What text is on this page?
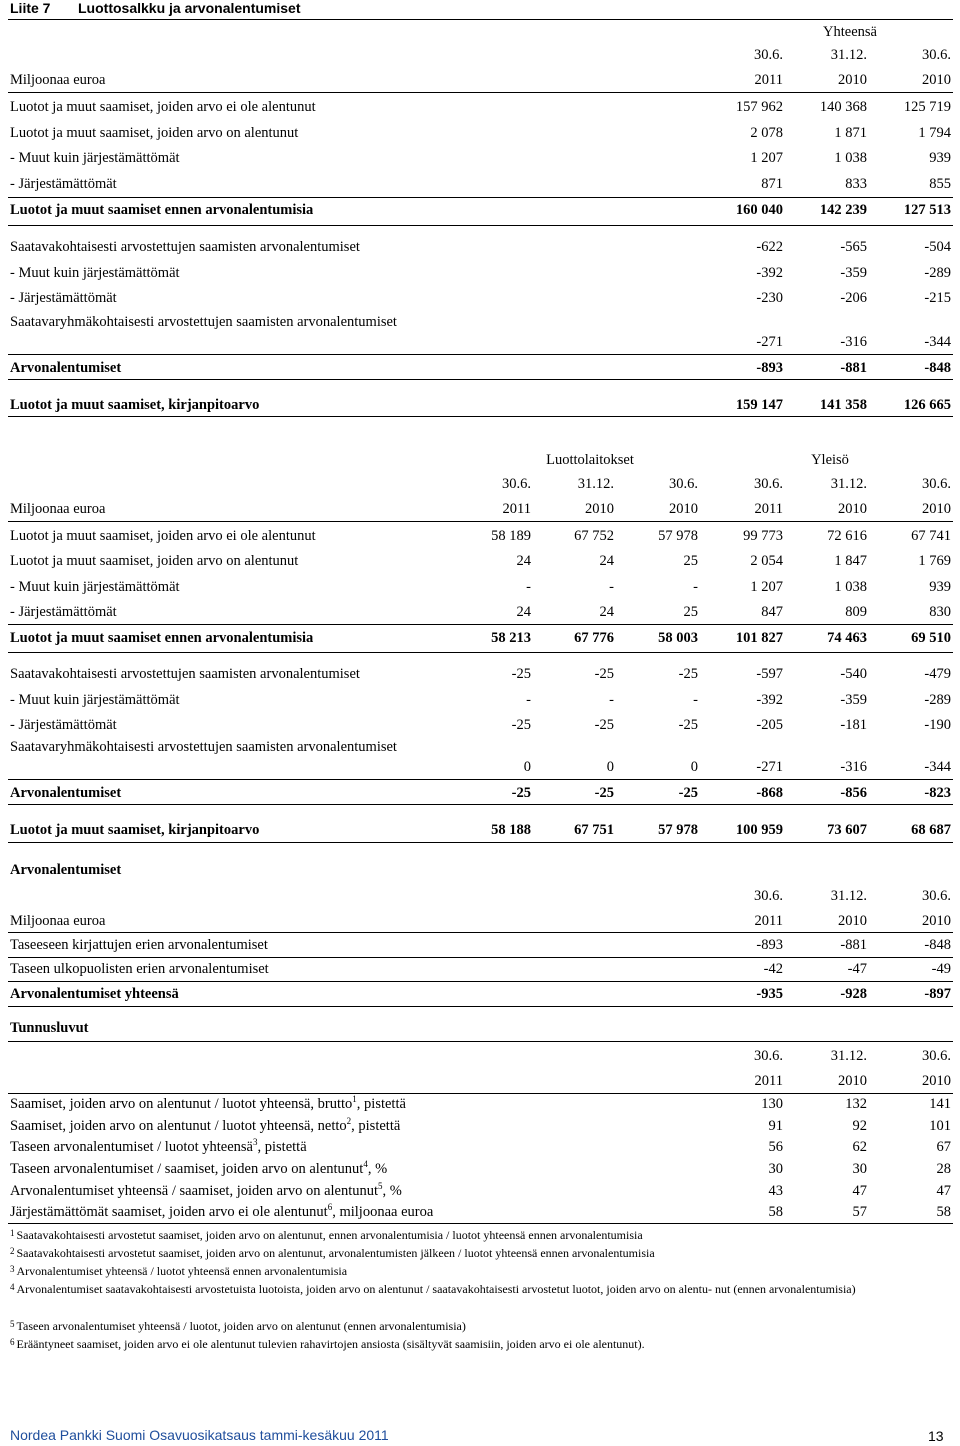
Liite 7 Luottosalkku ja arvonalentumiset
Yhteensä
30.6.	31.12.	30.6.
Miljoonaa euroa	2011	2010	2010
Luotot ja muut saamiset, joiden arvo ei ole alentunut	157 962	140 368	125 719
Luotot ja muut saamiset, joiden arvo on alentunut	2 078	1 871	1 794
- Muut kuin järjestämättömät	1 207	1 038	939
- Järjestämättömät	871	833	855
Luotot ja muut saamiset ennen arvonalentumisia	160 040	142 239	127 513
Saatavakohtaisesti arvostettujen saamisten arvonalentumiset	-622	-565	-504
- Muut kuin järjestämättömät	-392	-359	-289
- Järjestämättömät	-230	-206	-215
Saatavaryhmäkohtaisesti arvostettujen saamisten arvonalentumiset
-271	-316	-344
Arvonalentumiset	-893	-881	-848
Luotot ja muut saamiset, kirjanpitoarvo	159 147	141 358	126 665
Luottolaitokset	Yleisö
30.6.	31.12.	30.6.	30.6.	31.12.	30.6.
Miljoonaa euroa	2011	2010	2010	2011	2010	2010
Luotot ja muut saamiset, joiden arvo ei ole alentunut	58 189	67 752	57 978	99 773	72 616	67 741
Luotot ja muut saamiset, joiden arvo on alentunut	24	24	25	2 054	1 847	1 769
- Muut kuin järjestämättömät	-	-	-	1 207	1 038	939
- Järjestämättömät	24	24	25	847	809	830
Luotot ja muut saamiset ennen arvonalentumisia	58 213	67 776	58 003	101 827	74 463	69 510
Saatavakohtaisesti arvostettujen saamisten arvonalentumiset	-25	-25	-25	-597	-540	-479
- Muut kuin järjestämättömät	-	-	-	-392	-359	-289
- Järjestämättömät	-25	-25	-25	-205	-181	-190
Saatavaryhmäkohtaisesti arvostettujen saamisten arvonalentumiset
0	0	0	-271	-316	-344
Arvonalentumiset	-25	-25	-25	-868	-856	-823
Luotot ja muut saamiset, kirjanpitoarvo	58 188	67 751	57 978	100 959	73 607	68 687
Arvonalentumiset
30.6.	31.12.	30.6.
Miljoonaa euroa	2011	2010	2010
Taseeseen kirjattujen erien arvonalentumiset	-893	-881	-848
Taseen ulkopuolisten erien arvonalentumiset	-42	-47	-49
Arvonalentumiset yhteensä	-935	-928	-897
Tunnusluvut
30.6.	31.12.	30.6.
2011	2010	2010
Saamiset, joiden arvo on alentunut / luotot yhteensä, brutto$^1$, pistettä	130	132	141
Saamiset, joiden arvo on alentunut / luotot yhteensä, netto$^2$, pistettä	91	92	101
Taseen arvonalentumiset / luotot yhteensä$^3$, pistettä	56	62	67
Taseen arvonalentumiset / saamiset, joiden arvo on alentunut$^4$, %	30	30	28
Arvonalentumiset yhteensä / saamiset, joiden arvo on alentunut$^5$, %	43	47	47
Järjestämättömät saamiset, joiden arvo ei ole alentunut$^6$, miljoonaa euroa	58	57	58
$^1$ Saatavakohtaisesti arvostetut saamiset, joiden arvo on alentunut, ennen arvonalentumisia / luotot yhteensä ennen arvonalentumisia
$^2$ Saatavakohtaisesti arvostetut saamiset, joiden arvo on alentunut, arvonalentumisten jälkeen / luotot yhteensä ennen arvonalentumisia
$^3$ Arvonalentumiset yhteensä / luotot yhteensä ennen arvonalentumisia
$^4$ Arvonalentumiset saatavakohtaisesti arvostetuista luotoista, joiden arvo on alentunut / saatavakohtaisesti arvostetut luotot, joiden arvo on alentu- nut (ennen arvonalentumisia)
$^5$ Taseen arvonalentumiset yhteensä / luotot, joiden arvo on alentunut (ennen arvonalentumisia)
$^6$ Erääntyneet saamiset, joiden arvo ei ole alentunut tulevien rahavirtojen ansiosta (sisältyvät saamisiin, joiden arvo ei ole alentunut).
Nordea Pankki Suomi Osavuosikatsaus tammi-kesäkuu 2011	13
